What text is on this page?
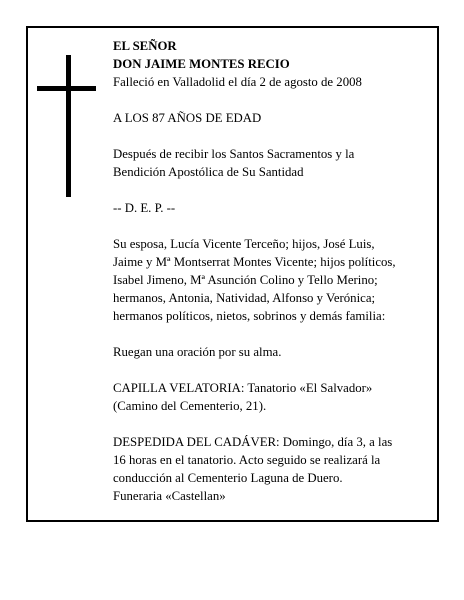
EL SEÑOR

DON JAIME MONTES RECIO

Falleció en Valladolid el día 2 de agosto de 2008

A LOS 87 AÑOS DE EDAD

Después de recibir los Santos Sacramentos y la

Bendición Apostólica de Su Santidad

-- D. E. P. --

Su esposa, Lucía Vicente Terceño; hijos, José Luis,

Jaime y Mª Montserrat Montes Vicente; hijos políticos,

Isabel Jimeno, Mª Asunción Colino y Tello Merino;

hermanos, Antonia, Natividad, Alfonso y Verónica;

hermanos políticos, nietos, sobrinos y demás familia:

Ruegan una oración por su alma.

CAPILLA VELATORIA: Tanatorio «El Salvador»

(Camino del Cementerio, 21).

DESPEDIDA DEL CADÁVER: Domingo, día 3, a las

16 horas en el tanatorio. Acto seguido se realizará la

conducción al Cementerio Laguna de Duero.

Funeraria «Castellan»
